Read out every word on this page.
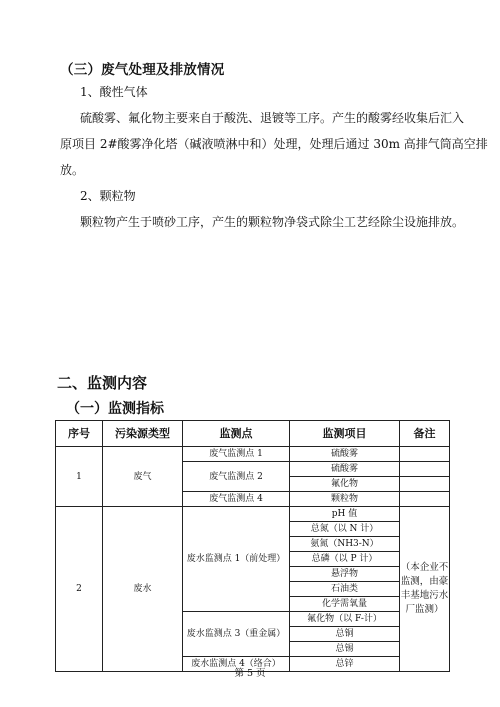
（三）废气处理及排放情况
1、酸性气体
硫酸雾、氟化物主要来自于酸洗、退镀等工序。产生的酸雾经收集后汇入
原项目 2#酸雾净化塔（碱液喷淋中和）处理，处理后通过 30m 高排气筒高空排
放。
2、颗粒物
颗粒物产生于喷砂工序，产生的颗粒物净袋式除尘工艺经除尘设施排放。
二、监测内容
（一）监测指标
序号	污染源类型	监测点	监测项目	备注
1	废气	废气监测点 1	硫酸雾	
		废气监测点 2	硫酸雾	
			氟化物	
		废气监测点 4	颗粒物	
2	废水	废水监测点 1（前处理）	pH 值	（本企业不监测，由豪丰基地污水厂监测）
			总氮（以 N 计）	
			氨氮（NH3-N）	
			总磷（以 P 计）	
			悬浮物	
			石油类	
			化学需氧量	
		废水监测点 3（重金属）	氟化物（以 F-计）	
			总铜	
			总锡	
		废水监测点 4（络合）	总锌	
第 5 页
